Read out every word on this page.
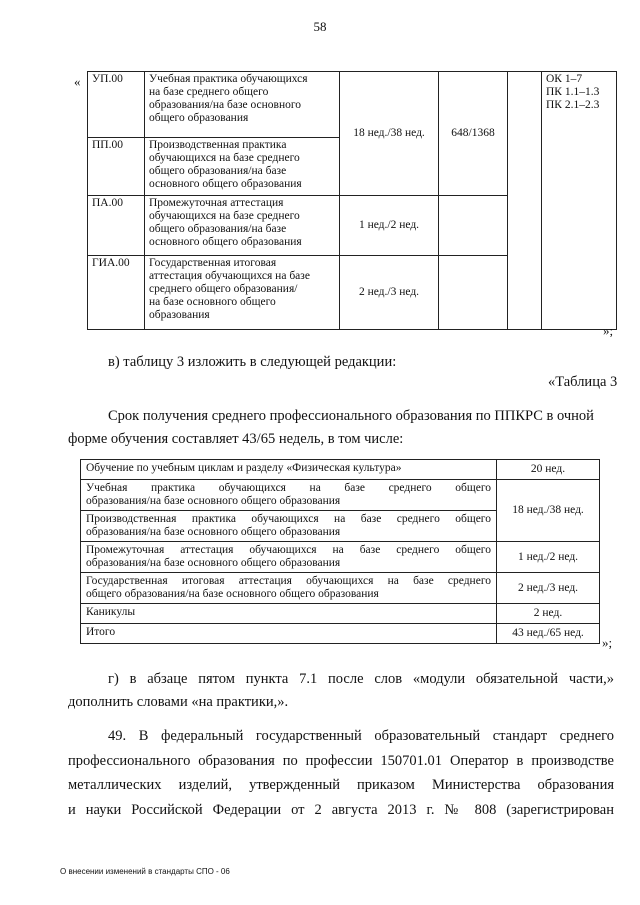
58
« УП.00	Учебная практика обучающихся
на базе среднего общего
образования/на базе основного
общего образования	18 нед./38 нед.	648/1368		ОК 1–7
ПК 1.1–1.3
ПК 2.1–2.3

ПП.00	Производственная практика
обучающихся на базе среднего
общего образования/на базе
основного общего образования				

ПА.00	Промежуточная аттестация
обучающихся на базе среднего
общего образования/на базе
основного общего образования	1 нед./2 нед.			
ГИА.00	Государственная итоговая
аттестация обучающихся на базе
среднего общего образования/
на базе основного общего
образования	2 нед./3 нед.			
»;
в) таблицу 3 изложить в следующей редакции:
«Таблица 3
Срок получения среднего профессионального образования по ППКРС в очной
форме обучения составляет 43/65 недель, в том числе:
Обучение по учебным циклам и разделу «Физическая культура»	20 нед.

Учебная практика обучающихся на базе среднего общего
образования/на базе основного общего образования	18 нед./38 нед.

Производственная практика обучающихся на базе среднего общего
образования/на базе основного общего образования	

Промежуточная аттестация обучающихся на базе среднего общего
образования/на базе основного общего образования	1 нед./2 нед.

Государственная итоговая аттестация обучающихся на базе среднего
общего образования/на базе основного общего образования	2 нед./3 нед.
Каникулы	2 нед.
Итого	43 нед./65 нед.
»;
г) в абзаце пятом пункта 7.1 после слов «модули обязательной части,»
дополнить словами «на практики,».
49. В федеральный государственный образовательный стандарт среднего
профессионального образования по профессии 150701.01 Оператор в производстве
металлических изделий, утвержденный приказом Министерства образования
и науки Российской Федерации от 2 августа 2013 г. № 808 (зарегистрирован
О внесении изменений в стандарты СПО - 06
